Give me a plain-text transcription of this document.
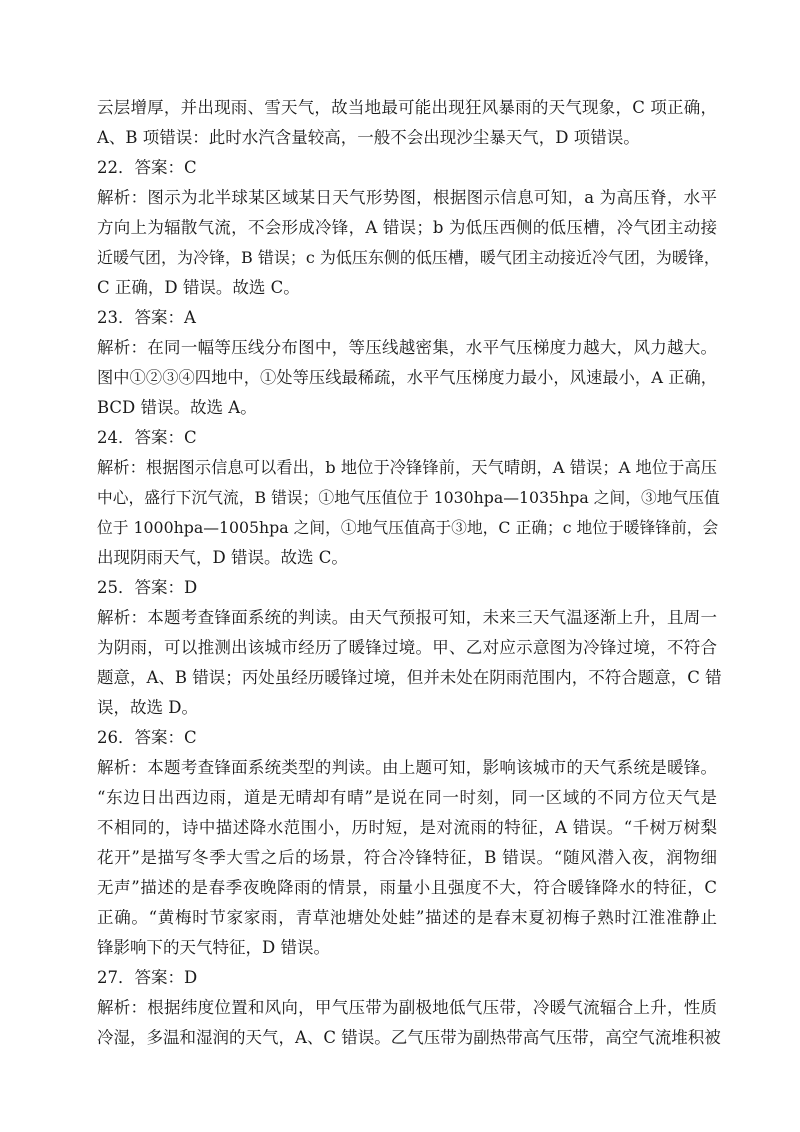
云层增厚，并出现雨、雪天气，故当地最可能出现狂风暴雨的天气现象，C 项正确，
A、B 项错误：此时水汽含量较高，一般不会出现沙尘暴天气，D 项错误。
22．答案：C
解析：图示为北半球某区域某日天气形势图，根据图示信息可知，a 为高压脊，水平
方向上为辐散气流，不会形成冷锋，A 错误；b 为低压西侧的低压槽，冷气团主动接
近暖气团，为冷锋，B 错误；c 为低压东侧的低压槽，暖气团主动接近冷气团，为暖锋，
C 正确，D 错误。故选 C。
23．答案：A
解析：在同一幅等压线分布图中，等压线越密集，水平气压梯度力越大，风力越大。
图中①②③④四地中，①处等压线最稀疏，水平气压梯度力最小，风速最小，A 正确，
BCD 错误。故选 A。
24．答案：C
解析：根据图示信息可以看出，b 地位于冷锋锋前，天气晴朗，A 错误；A 地位于高压
中心，盛行下沉气流，B 错误；①地气压值位于 1030hpa—1035hpa 之间，③地气压值
位于 1000hpa—1005hpa 之间，①地气压值高于③地，C 正确；c 地位于暖锋锋前，会
出现阴雨天气，D 错误。故选 C。
25．答案：D
解析：本题考查锋面系统的判读。由天气预报可知，未来三天气温逐渐上升，且周一
为阴雨，可以推测出该城市经历了暖锋过境。甲、乙对应示意图为冷锋过境，不符合
题意，A、B 错误；丙处虽经历暖锋过境，但并未处在阴雨范围内，不符合题意，C 错
误，故选 D。
26．答案：C
解析：本题考查锋面系统类型的判读。由上题可知，影响该城市的天气系统是暖锋。
“东边日出西边雨，道是无晴却有晴”是说在同一时刻，同一区域的不同方位天气是
不相同的，诗中描述降水范围小，历时短，是对流雨的特征，A 错误。“千树万树梨
花开”是描写冬季大雪之后的场景，符合冷锋特征，B 错误。“随风潜入夜，润物细
无声”描述的是春季夜晚降雨的情景，雨量小且强度不大，符合暖锋降水的特征，C
正确。“黄梅时节家家雨，青草池塘处处蛙”描述的是春末夏初梅子熟时江淮准静止
锋影响下的天气特征，D 错误。
27．答案：D
解析：根据纬度位置和风向，甲气压带为副极地低气压带，冷暖气流辐合上升，性质
冷湿，多温和湿润的天气，A、C 错误。乙气压带为副热带高气压带，高空气流堆积被
